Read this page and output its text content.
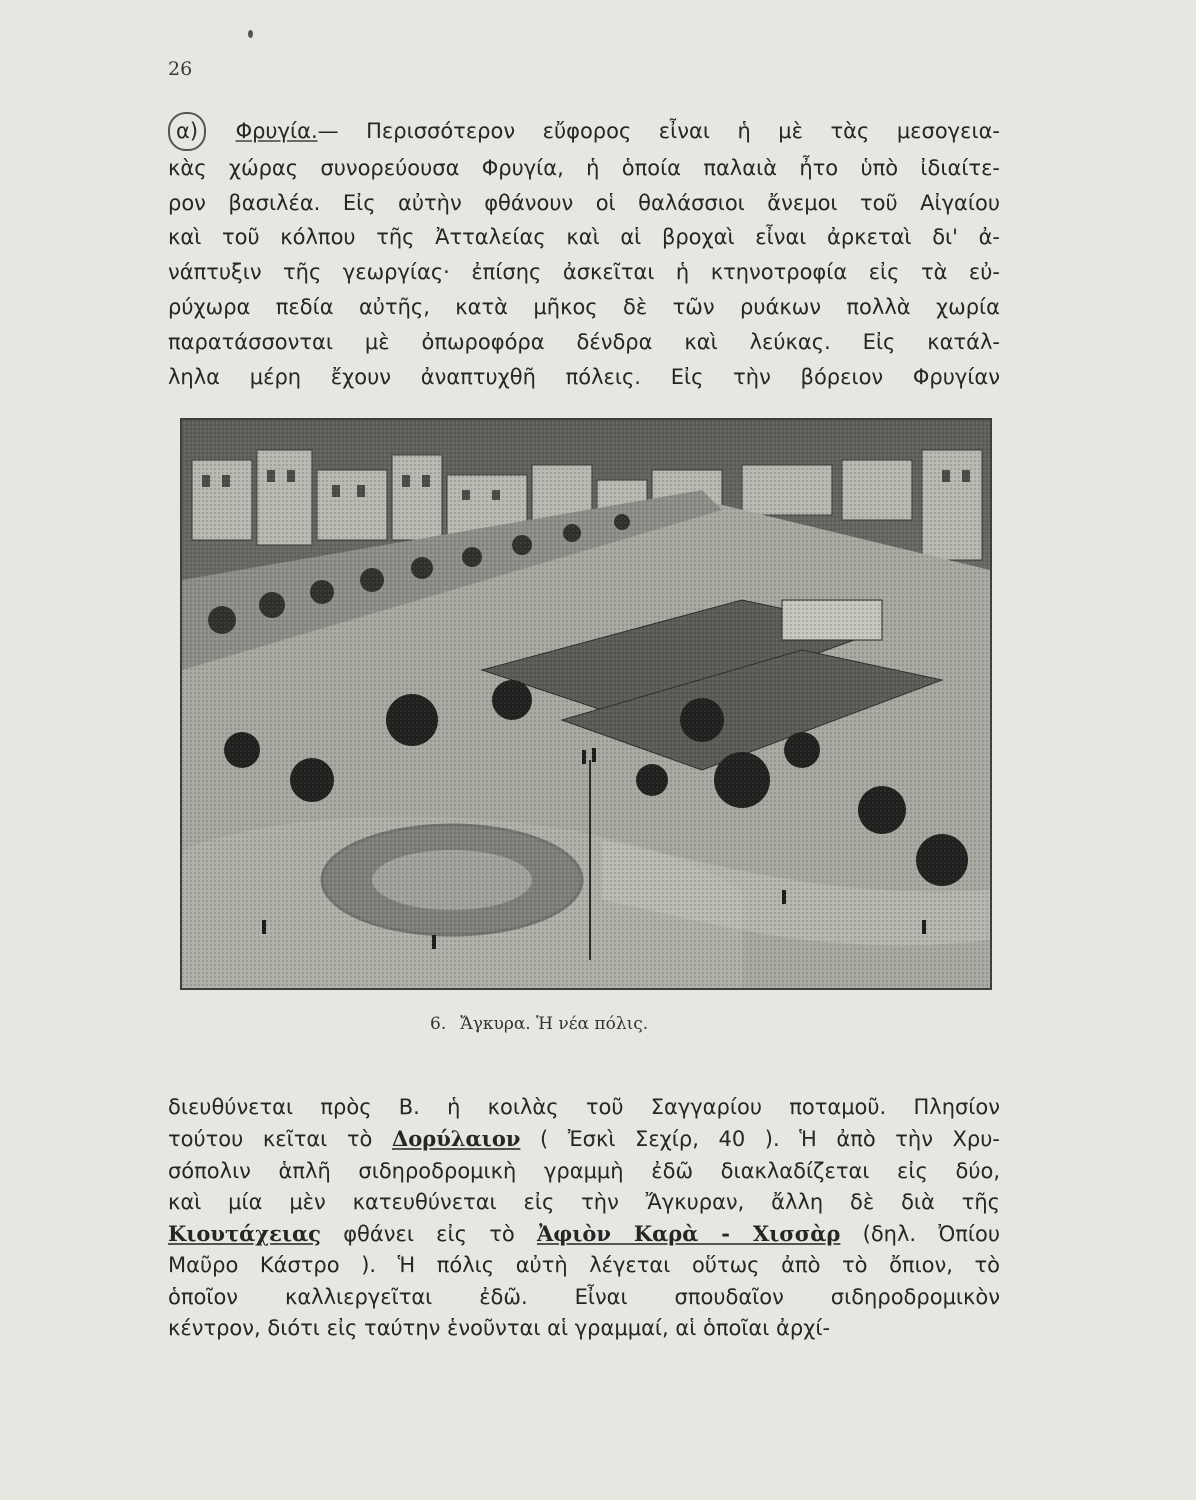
26
α) Φρυγία.— Περισσότερον εὔφορος εἶναι ἡ μὲ τὰς μεσογεια-
κὰς χώρας συνορεύουσα Φρυγία, ἡ ὁποία παλαιὰ ἦτο ὑπὸ ἰδιαίτε-
ρον βασιλέα. Εἰς αὐτὴν φθάνουν οἱ θαλάσσιοι ἄνεμοι τοῦ Αἰγαίου
καὶ τοῦ κόλπου τῆς Ἀτταλείας καὶ αἱ βροχαὶ εἶναι ἀρκεταὶ δι' ἀ-
νάπτυξιν τῆς γεωργίας· ἐπίσης ἀσκεῖται ἡ κτηνοτροφία εἰς τὰ εὐ-
ρύχωρα πεδία αὐτῆς, κατὰ μῆκος δὲ τῶν ρυάκων πολλὰ χωρία
παρατάσσονται μὲ ὀπωροφόρα δένδρα καὶ λεύκας. Εἰς κατάλ-
ληλα μέρη ἔχουν ἀναπτυχθῆ πόλεις. Εἰς τὴν βόρειον Φρυγίαν
6. Ἄγκυρα. Ἡ νέα πόλις.
διευθύνεται πρὸς Β. ἡ κοιλὰς τοῦ Σαγγαρίου ποταμοῦ. Πλησίον
τούτου κεῖται τὸ Δορύλαιον ( Ἐσκὶ Σεχίρ, 40 ). Ἡ ἀπὸ τὴν Χρυ-
σόπολιν ἁπλῆ σιδηροδρομικὴ γραμμὴ ἐδῶ διακλαδίζεται εἰς δύο,
καὶ μία μὲν κατευθύνεται εἰς τὴν Ἄγκυραν, ἄλλη δὲ διὰ τῆς
Κιουτάχειας φθάνει εἰς τὸ Ἀφιὸν Καρὰ - Χισσὰρ (δηλ. Ὀπίου
Μαῦρο Κάστρο ). Ἡ πόλις αὐτὴ λέγεται οὕτως ἀπὸ τὸ ὄπιον, τὸ
ὁποῖον καλλιεργεῖται ἐδῶ. Εἶναι σπουδαῖον σιδηροδρομικὸν
κέντρον, διότι εἰς ταύτην ἑνοῦνται αἱ γραμμαί, αἱ ὁποῖαι ἀρχί-
